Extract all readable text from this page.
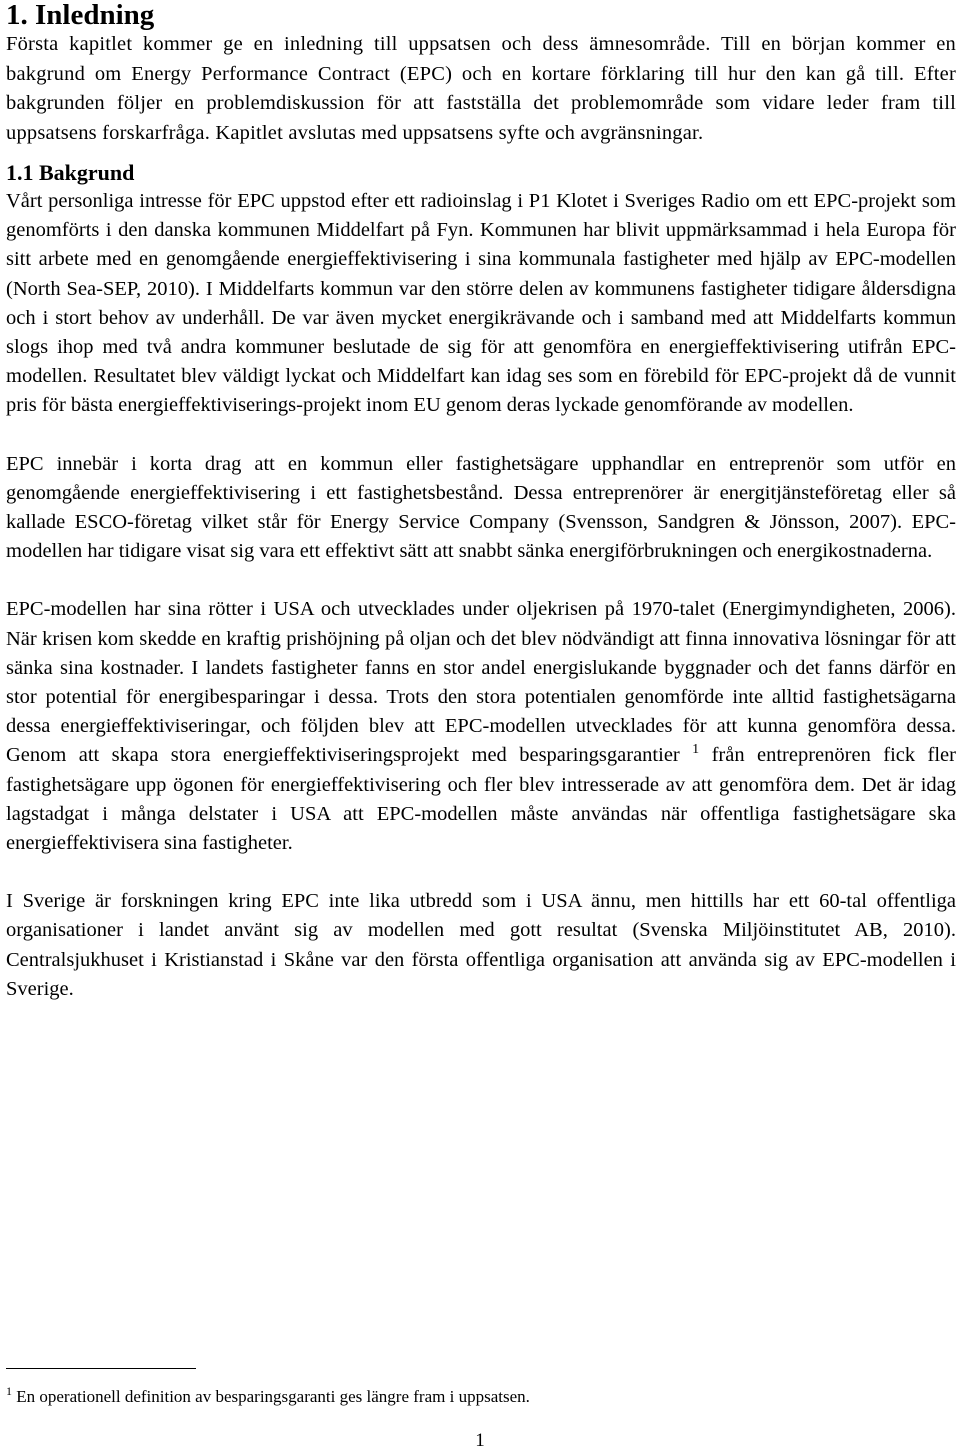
1. Inledning

Första kapitlet kommer ge en inledning till uppsatsen och dess ämnesområde. Till en början kommer en bakgrund om Energy Performance Contract (EPC) och en kortare förklaring till hur den kan gå till. Efter bakgrunden följer en problemdiskussion för att fastställa det problemområde som vidare leder fram till uppsatsens forskarfråga. Kapitlet avslutas med uppsatsens syfte och avgränsningar.

1.1 Bakgrund

Vårt personliga intresse för EPC uppstod efter ett radioinslag i P1 Klotet i Sveriges Radio om ett EPC-projekt som genomförts i den danska kommunen Middelfart på Fyn. Kommunen har blivit uppmärksammad i hela Europa för sitt arbete med en genomgående energieffektivisering i sina kommunala fastigheter med hjälp av EPC-modellen (North Sea-SEP, 2010). I Middelfarts kommun var den större delen av kommunens fastigheter tidigare åldersdigna och i stort behov av underhåll. De var även mycket energikrävande och i samband med att Middelfarts kommun slogs ihop med två andra kommuner beslutade de sig för att genomföra en energieffektivisering utifrån EPC-modellen. Resultatet blev väldigt lyckat och Middelfart kan idag ses som en förebild för EPC-projekt då de vunnit pris för bästa energieffektiviserings-projekt inom EU genom deras lyckade genomförande av modellen.

EPC innebär i korta drag att en kommun eller fastighetsägare upphandlar en entreprenör som utför en genomgående energieffektivisering i ett fastighetsbestånd. Dessa entreprenörer är energitjänsteföretag eller så kallade ESCO-företag vilket står för Energy Service Company (Svensson, Sandgren & Jönsson, 2007). EPC-modellen har tidigare visat sig vara ett effektivt sätt att snabbt sänka energiförbrukningen och energikostnaderna.

EPC-modellen har sina rötter i USA och utvecklades under oljekrisen på 1970-talet (Energimyndigheten, 2006). När krisen kom skedde en kraftig prishöjning på oljan och det blev nödvändigt att finna innovativa lösningar för att sänka sina kostnader. I landets fastigheter fanns en stor andel energislukande byggnader och det fanns därför en stor potential för energibesparingar i dessa. Trots den stora potentialen genomförde inte alltid fastighetsägarna dessa energieffektiviseringar, och följden blev att EPC-modellen utvecklades för att kunna genomföra dessa. Genom att skapa stora energieffektiviseringsprojekt med besparingsgarantier $^1$ från entreprenören fick fler fastighetsägare upp ögonen för energieffektivisering och fler blev intresserade av att genomföra dem. Det är idag lagstadgat i många delstater i USA att EPC-modellen måste användas när offentliga fastighetsägare ska energieffektivisera sina fastigheter.

I Sverige är forskningen kring EPC inte lika utbredd som i USA ännu, men hittills har ett 60-tal offentliga organisationer i landet använt sig av modellen med gott resultat (Svenska Miljöinstitutet AB, 2010). Centralsjukhuset i Kristianstad i Skåne var den första offentliga organisation att använda sig av EPC-modellen i Sverige.

$^1$ En operationell definition av besparingsgaranti ges längre fram i uppsatsen.
1
